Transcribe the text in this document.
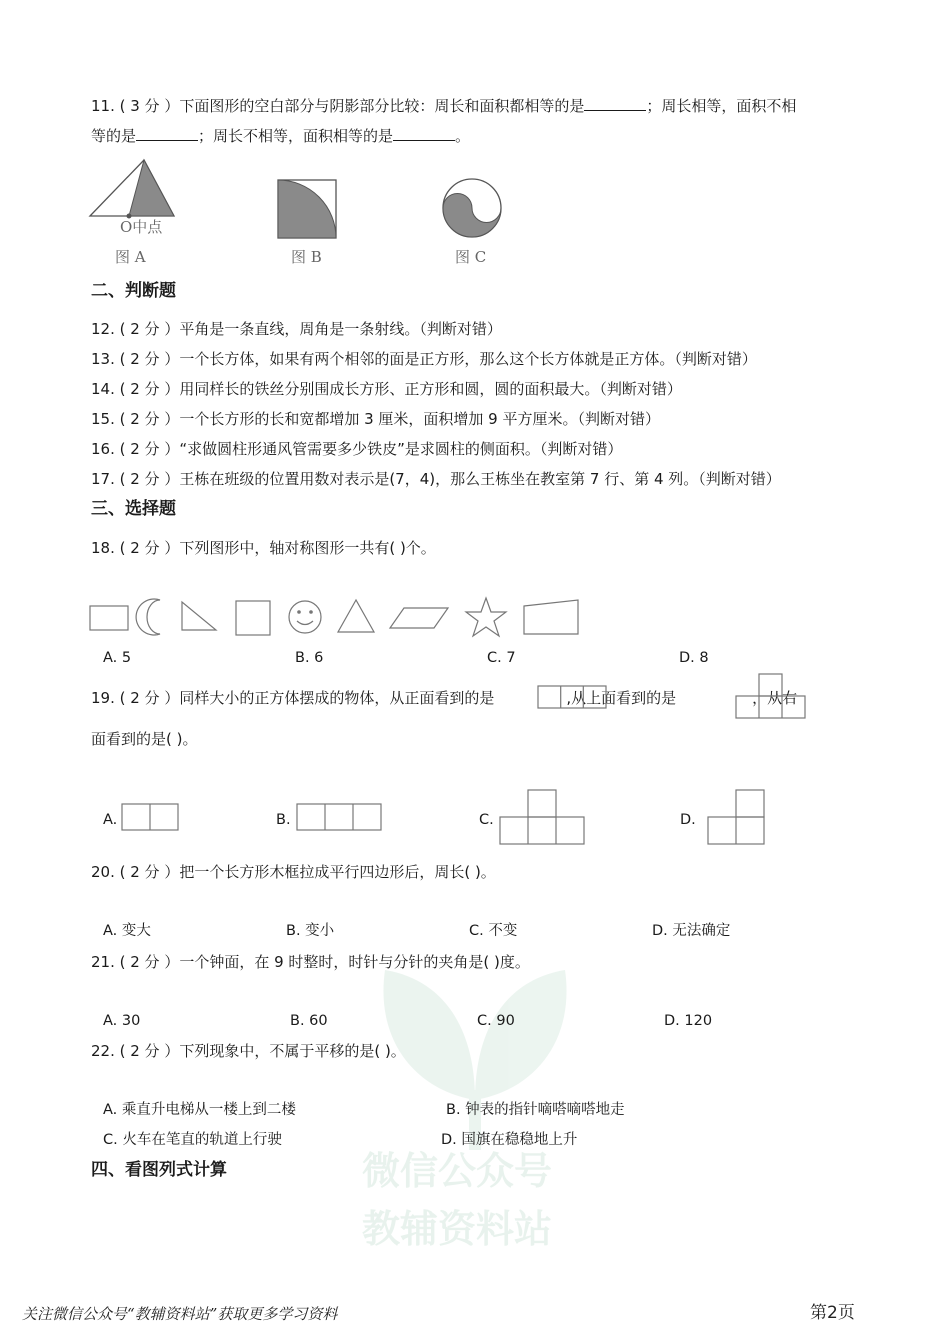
11. ( 3 分 ）下面图形的空白部分与阴影部分比较：周长和面积都相等的是	；周长相等，面积不相
等的是	；周长不相等，面积相等的是	。
O中点
图 A	图 B	图 C
二、判断题
12. ( 2 分 ）平角是一条直线，周角是一条射线。（判断对错）
13. ( 2 分 ）一个长方体，如果有两个相邻的面是正方形，那么这个长方体就是正方体。（判断对错）
14. ( 2 分 ）用同样长的铁丝分别围成长方形、正方形和圆，圆的面积最大。（判断对错）
15. ( 2 分 ）一个长方形的长和宽都增加 3 厘米，面积增加 9 平方厘米。（判断对错）
16. ( 2 分 ）“求做圆柱形通风管需要多少铁皮”是求圆柱的侧面积。（判断对错）
17. ( 2 分 ）王栋在班级的位置用数对表示是(7，4)，那么王栋坐在教室第 7 行、第 4 列。（判断对错）
三、选择题
18. ( 2 分 ）下列图形中，轴对称图形一共有( )个。
A. 5	B. 6	C. 7	D. 8
19. ( 2 分 ）同样大小的正方体摆成的物体，从正面看到的是	,从上面看到的是	，从右
面看到的是( )。
A.	B.	C.	D.
20. ( 2 分 ）把一个长方形木框拉成平行四边形后，周长( )。
A. 变大	B. 变小	C. 不变	D. 无法确定
微信公众号
教辅资料站
21. ( 2 分 ）一个钟面，在 9 时整时，时针与分针的夹角是( )度。
A. 30	B. 60	C. 90	D. 120
22. ( 2 分 ）下列现象中，不属于平移的是( )。
A. 乘直升电梯从一楼上到二楼	B. 钟表的指针嘀嗒嘀嗒地走
C. 火车在笔直的轨道上行驶	D. 国旗在稳稳地上升
四、看图列式计算
关注微信公众号“教辅资料站”获取更多学习资料	第2页
